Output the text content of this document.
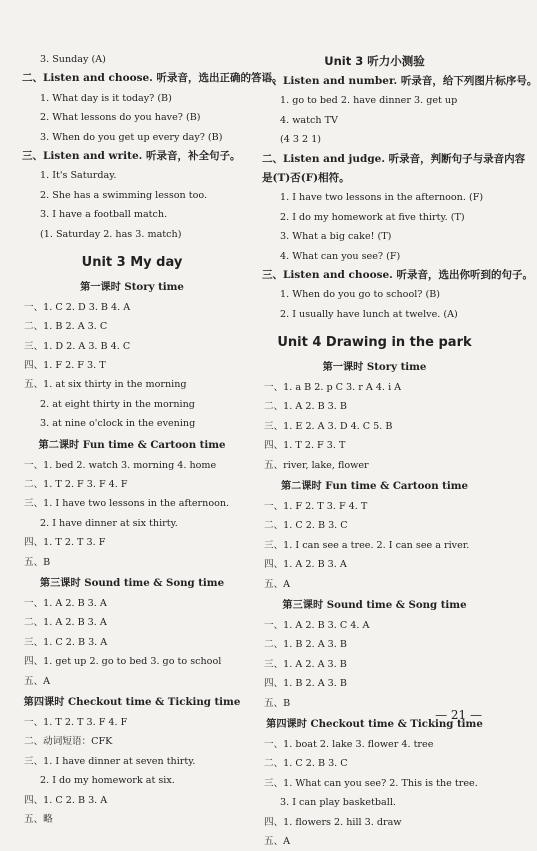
3. Sunday (A)
二、Listen and choose. 听录音，选出正确的答语。
1. What day is it today? (B)
2. What lessons do you have? (B)
3. When do you get up every day? (B)
三、Listen and write. 听录音，补全句子。
1. It's Saturday.
2. She has a swimming lesson too.
3. I have a football match.
(1. Saturday 2. has 3. match)
Unit 3 My day
第一课时 Story time
一、1. C 2. D 3. B 4. A
二、1. B 2. A 3. C
三、1. D 2. A 3. B 4. C
四、1. F 2. F 3. T
五、1. at six thirty in the morning
2. at eight thirty in the morning
3. at nine o'clock in the evening
第二课时 Fun time & Cartoon time
一、1. bed 2. watch 3. morning 4. home
二、1. T 2. F 3. F 4. F
三、1. I have two lessons in the afternoon.
2. I have dinner at six thirty.
四、1. T 2. T 3. F
五、B
第三课时 Sound time & Song time
一、1. A 2. B 3. A
二、1. A 2. B 3. A
三、1. C 2. B 3. A
四、1. get up 2. go to bed 3. go to school
五、A
第四课时 Checkout time & Ticking time
一、1. T 2. T 3. F 4. F
二、动词短语：CFK
三、1. I have dinner at seven thirty.
2. I do my homework at six.
四、1. C 2. B 3. A
五、略
Unit 3 听力小测验
一、Listen and number. 听录音，给下列图片标序号。
1. go to bed 2. have dinner 3. get up
4. watch TV
(4 3 2 1)
二、Listen and judge. 听录音，判断句子与录音内容
是(T)否(F)相符。
1. I have two lessons in the afternoon. (F)
2. I do my homework at five thirty. (T)
3. What a big cake! (T)
4. What can you see? (F)
三、Listen and choose. 听录音，选出你听到的句子。
1. When do you go to school? (B)
2. I usually have lunch at twelve. (A)
Unit 4 Drawing in the park
第一课时 Story time
一、1. a B 2. p C 3. r A 4. i A
二、1. A 2. B 3. B
三、1. E 2. A 3. D 4. C 5. B
四、1. T 2. F 3. T
五、river, lake, flower
第二课时 Fun time & Cartoon time
一、1. F 2. T 3. F 4. T
二、1. C 2. B 3. C
三、1. I can see a tree. 2. I can see a river.
四、1. A 2. B 3. A
五、A
第三课时 Sound time & Song time
一、1. A 2. B 3. C 4. A
二、1. B 2. A 3. B
三、1. A 2. A 3. B
四、1. B 2. A 3. B
五、B
第四课时 Checkout time & Ticking time
一、1. boat 2. lake 3. flower 4. tree
二、1. C 2. B 3. C
三、1. What can you see? 2. This is the tree.
3. I can play basketball.
四、1. flowers 2. hill 3. draw
五、A
— 21 —
